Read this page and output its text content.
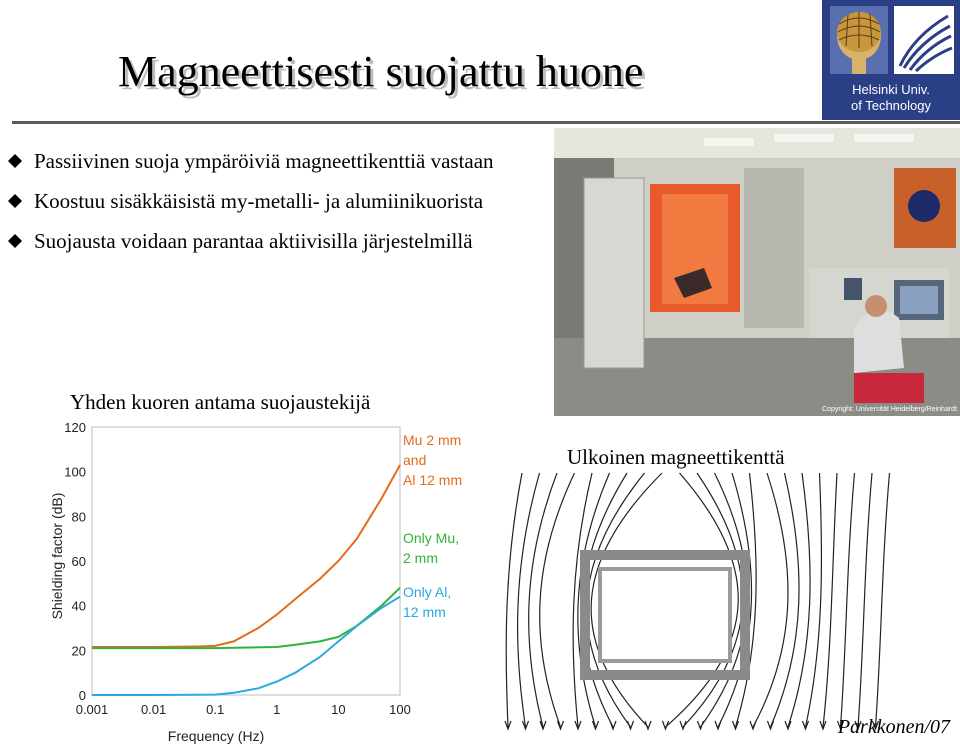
Magneettisesti suojattu huone	Helsinki Univ.
of Technology
Passiivinen suoja ympäröiviä magneettikenttiä vastaan
Koostuu sisäkkäisistä my-metalli- ja alumiinikuorista
Suojausta voidaan parantaa aktiivisilla järjestelmillä
Yhden kuoren antama suojaustekijä
0
20
40
60
80
100
120
0.001	0.01	0.1	1	10	100
Frequency (Hz)
Shielding factor (dB)
Mu 2 mm
and
Al 12 mm
Only Mu,
2 mm
Only Al,
12 mm
Copyright: Universität Heidelberg/Reinhardt
Ulkoinen magneettikenttä
Parkkonen/07
